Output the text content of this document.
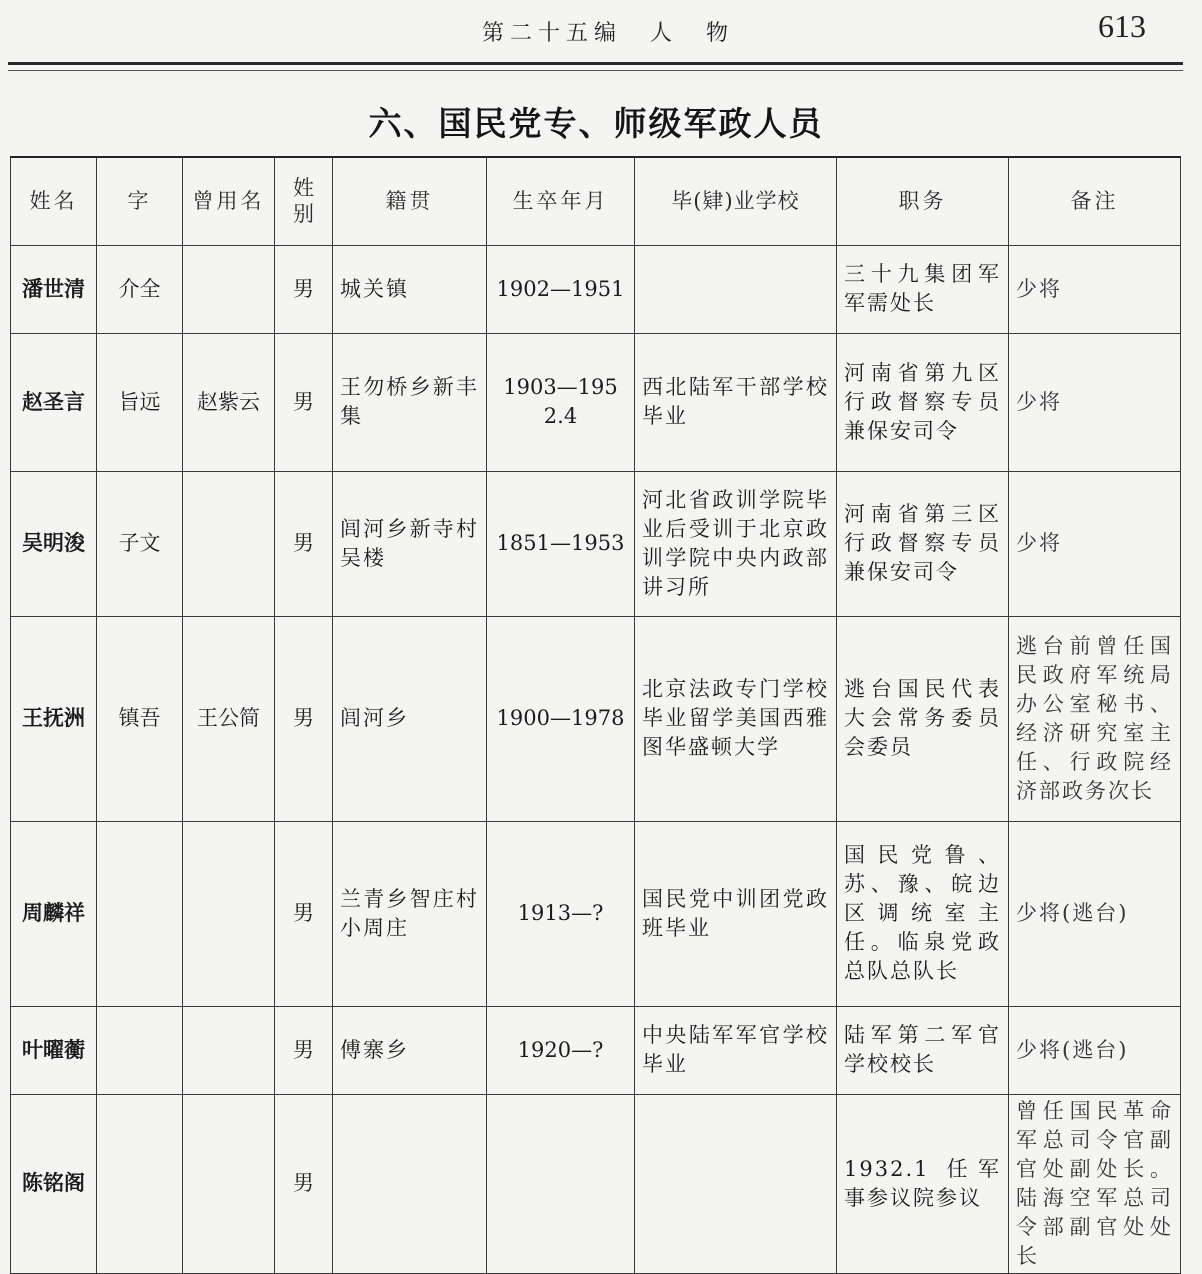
第二十五编　人　物	613
六、国民党专、师级军政人员
姓名	字	曾用名	姓别	籍贯	生卒年月	毕(肄)业学校	职务	备注
潘世清	介全		男	城关镇	1902—1951		三十九集团军军需处长	少将
赵圣言	旨远	赵紫云	男	王勿桥乡新丰集	1903—1952.4	西北陆军干部学校毕业	河南省第九区行政督察专员兼保安司令	少将
吴明浚	子文		男	闾河乡新寺村吴楼	1851—1953	河北省政训学院毕业后受训于北京政训学院中央内政部讲习所	河南省第三区行政督察专员兼保安司令	少将
王抚洲	镇吾	王公简	男	闾河乡	1900—1978	北京法政专门学校毕业留学美国西雅图华盛顿大学	逃台国民代表大会常务委员会委员	逃台前曾任国民政府军统局办公室秘书、经济研究室主任、行政院经济部政务次长
周麟祥			男	兰青乡智庄村小周庄	1913—?	国民党中训团党政班毕业	国民党鲁、苏、豫、皖边区调统室主任。临泉党政总队总队长	少将(逃台)
叶曜蘅			男	傅寨乡	1920—?	中央陆军军官学校毕业	陆军第二军官学校校长	少将(逃台)
陈铭阁			男				1932.1 任军事参议院参议	曾任国民革命军总司令官副官处副处长。陆海空军总司令部副官处处长
